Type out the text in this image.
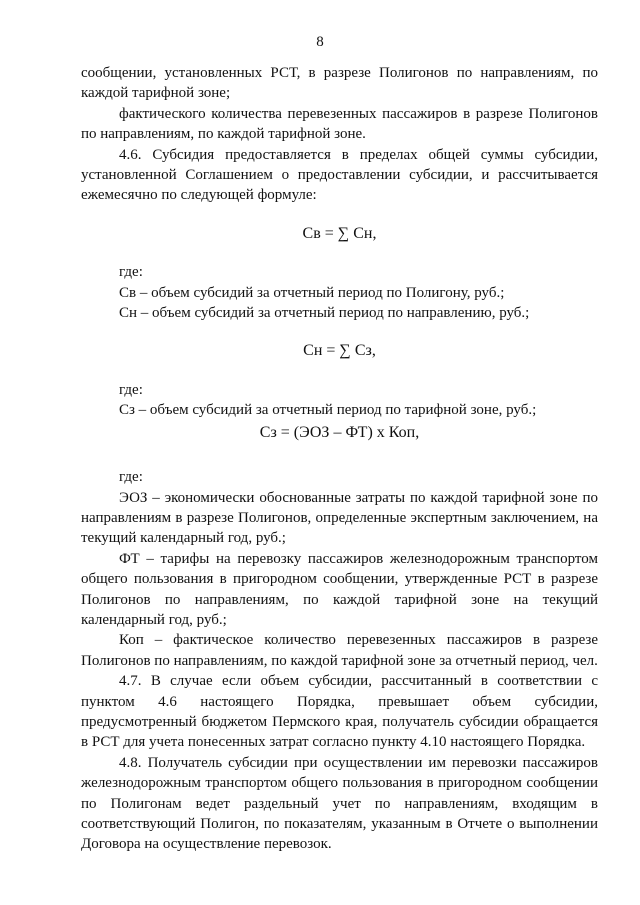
8

сообщении, установленных РСТ, в разрезе Полигонов по направлениям, по каждой тарифной зоне;

фактического количества перевезенных пассажиров в разрезе Полигонов по направлениям, по каждой тарифной зоне.

4.6. Субсидия предоставляется в пределах общей суммы субсидии, установленной Соглашением о предоставлении субсидии, и рассчитывается ежемесячно по следующей формуле:

Св = ∑ Сн,

где:

Св – объем субсидий за отчетный период по Полигону, руб.;

Сн – объем субсидий за отчетный период по направлению, руб.;

Сн = ∑ Сз,

где:

Сз – объем субсидий за отчетный период по тарифной зоне, руб.;

Сз = (ЭОЗ – ФТ) х Коп,

где:

ЭОЗ – экономически обоснованные затраты по каждой тарифной зоне по направлениям в разрезе Полигонов, определенные экспертным заключением, на текущий календарный год, руб.;

ФТ – тарифы на перевозку пассажиров железнодорожным транспортом общего пользования в пригородном сообщении, утвержденные РСТ в разрезе Полигонов по направлениям, по каждой тарифной зоне на текущий календарный год, руб.;

Коп – фактическое количество перевезенных пассажиров в разрезе Полигонов по направлениям, по каждой тарифной зоне за отчетный период, чел.

4.7. В случае если объем субсидии, рассчитанный в соответствии с пунктом 4.6 настоящего Порядка, превышает объем субсидии, предусмотренный бюджетом Пермского края, получатель субсидии обращается в РСТ для учета понесенных затрат согласно пункту 4.10 настоящего Порядка.

4.8. Получатель субсидии при осуществлении им перевозки пассажиров железнодорожным транспортом общего пользования в пригородном сообщении по Полигонам ведет раздельный учет по направлениям, входящим в соответствующий Полигон, по показателям, указанным в Отчете о выполнении Договора на осуществление перевозок.
